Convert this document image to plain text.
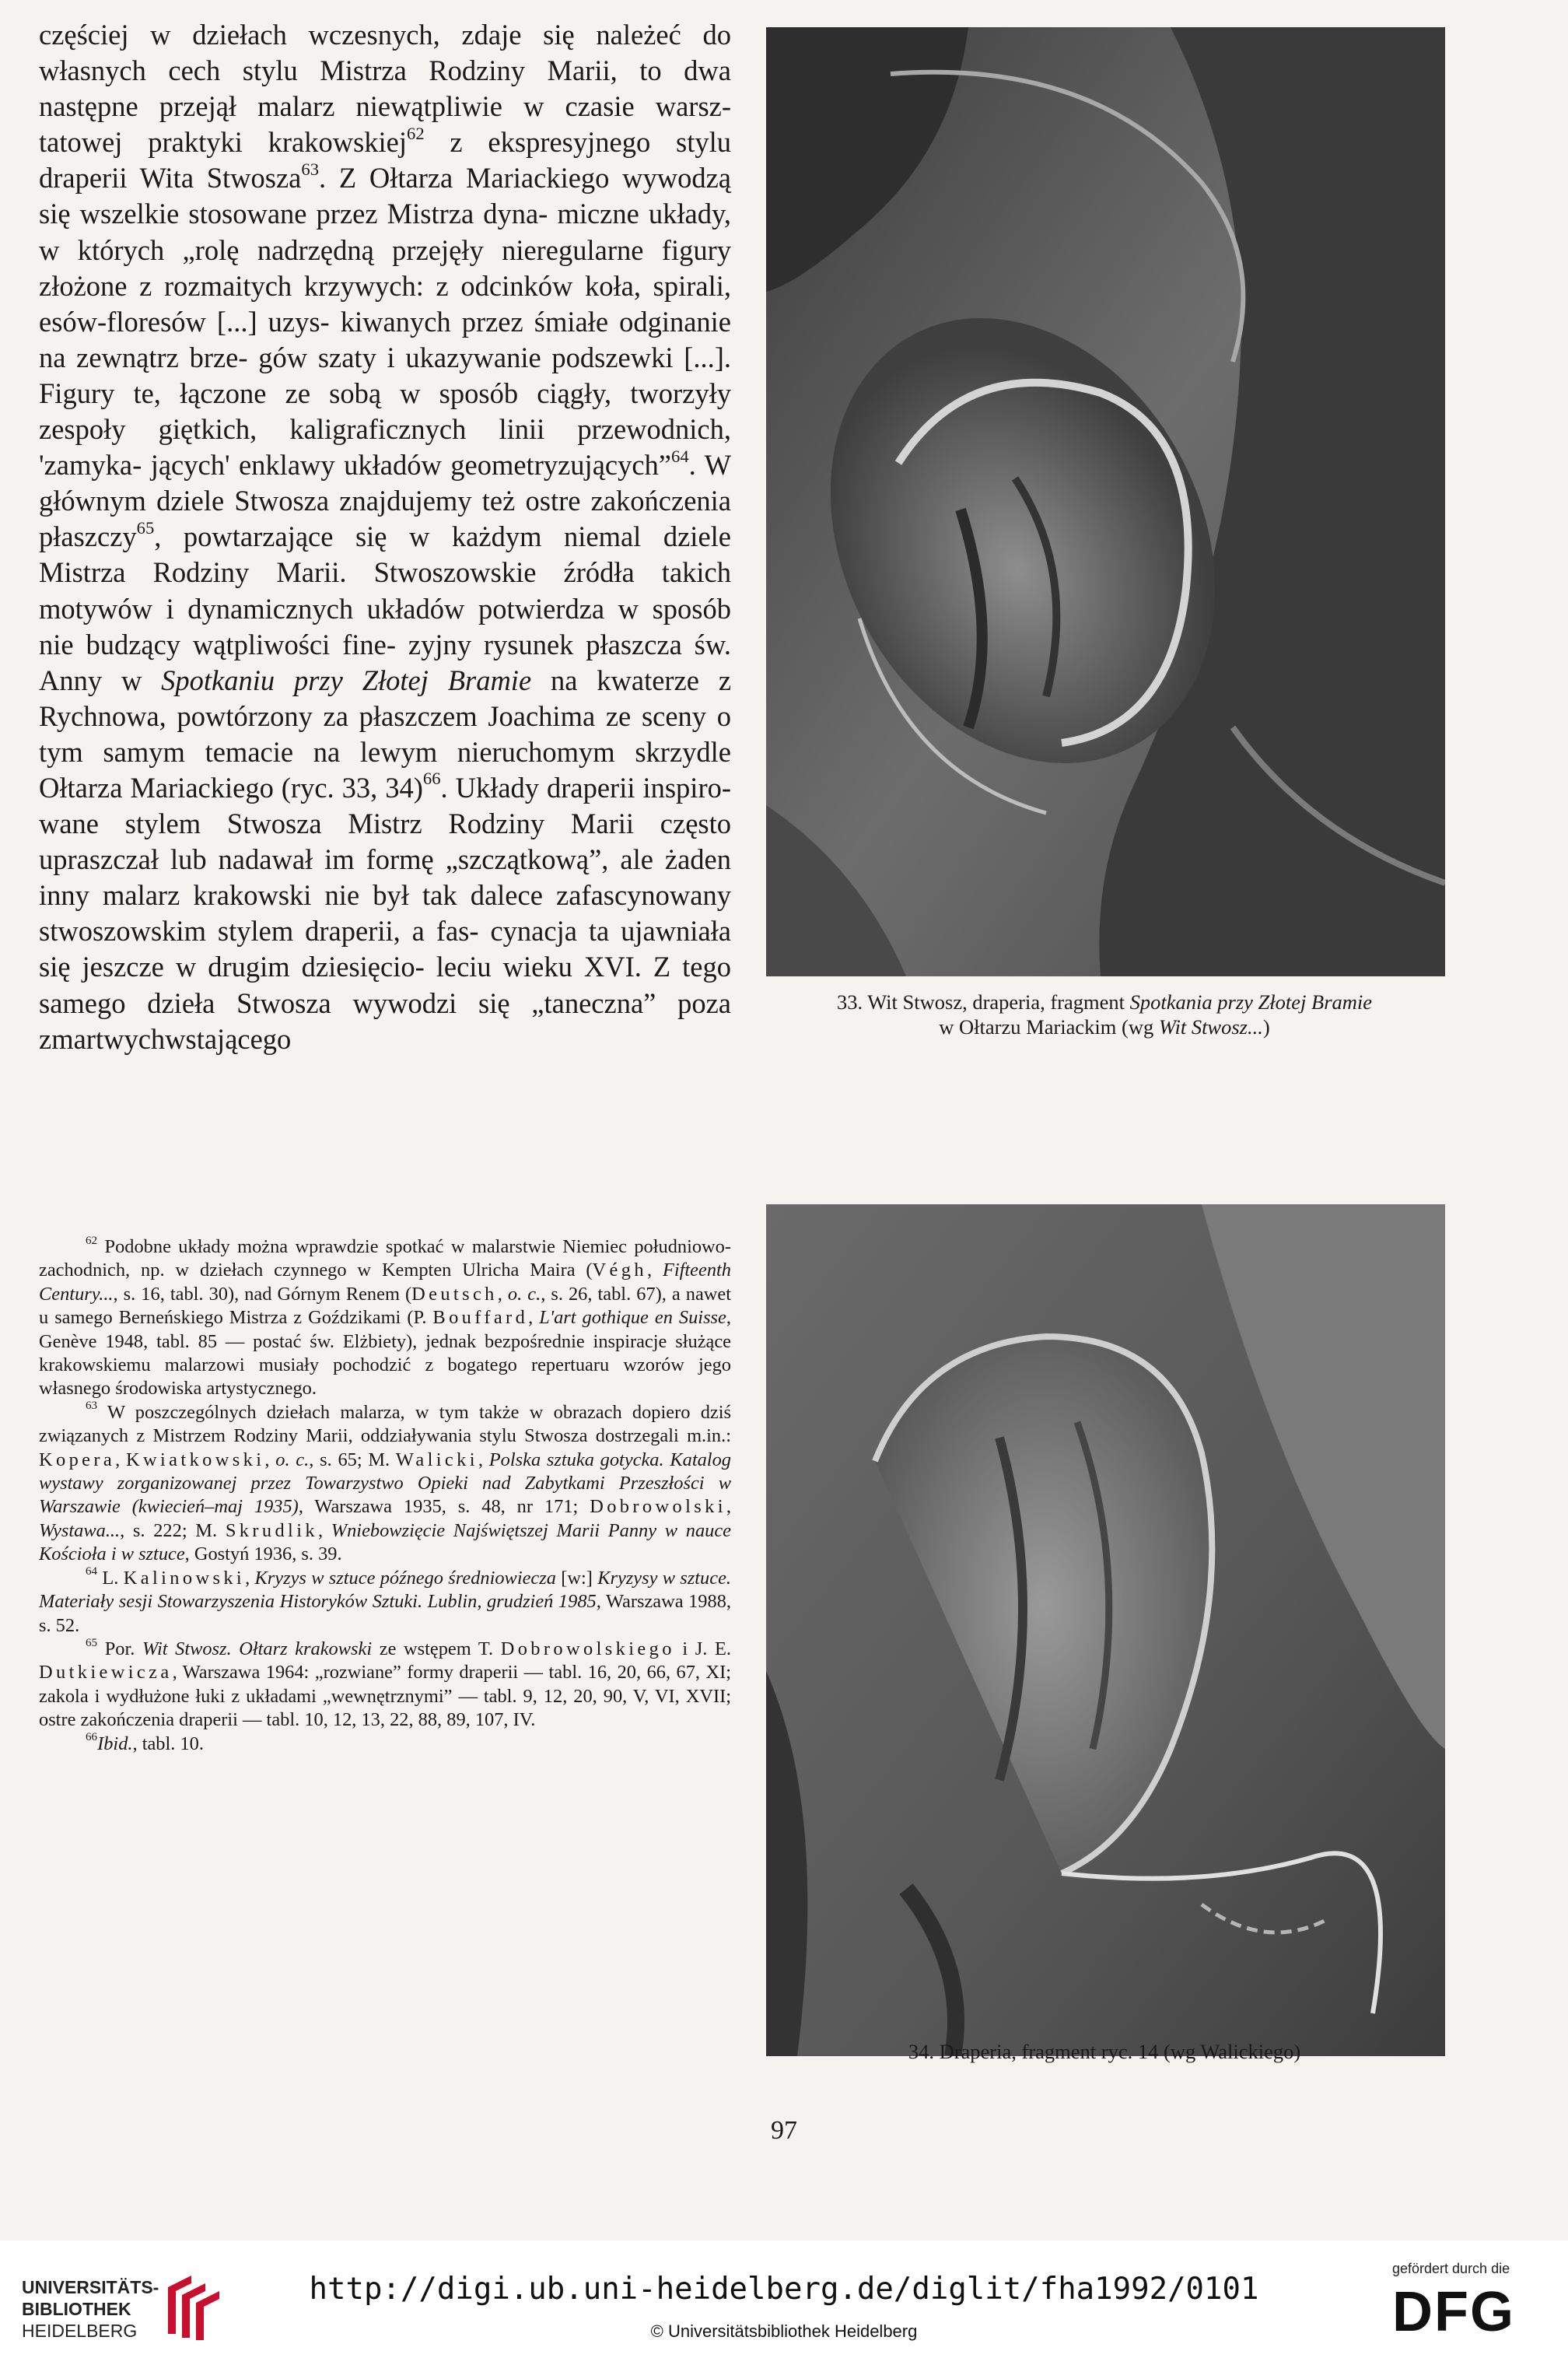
częściej w dziełach wczesnych, zdaje się należeć do własnych cech stylu Mistrza Rodziny Marii, to dwa następne przejął malarz niewątpliwie w czasie warsz- tatowej praktyki krakowskiej$^{62}$ z ekspresyjnego stylu draperii Wita Stwosza$^{63}$. Z Ołtarza Mariackiego wywodzą się wszelkie stosowane przez Mistrza dyna- miczne układy, w których „rolę nadrzędną przejęły nieregularne figury złożone z rozmaitych krzywych: z odcinków koła, spirali, esów-floresów [...] uzys- kiwanych przez śmiałe odginanie na zewnątrz brze- gów szaty i ukazywanie podszewki [...]. Figury te, łączone ze sobą w sposób ciągły, tworzyły zespoły giętkich, kaligraficznych linii przewodnich, 'zamyka- jących' enklawy układów geometryzujących”$^{64}$. W głównym dziele Stwosza znajdujemy też ostre zakończenia płaszczy$^{65}$, powtarzające się w każdym niemal dziele Mistrza Rodziny Marii. Stwoszowskie źródła takich motywów i dynamicznych układów potwierdza w sposób nie budzący wątpliwości fine- zyjny rysunek płaszcza św. Anny w Spotkaniu przy Złotej Bramie na kwaterze z Rychnowa, powtórzony za płaszczem Joachima ze sceny o tym samym temacie na lewym nieruchomym skrzydle Ołtarza Mariackiego (ryc. 33, 34)$^{66}$. Układy draperii inspiro- wane stylem Stwosza Mistrz Rodziny Marii często upraszczał lub nadawał im formę „szczątkową”, ale żaden inny malarz krakowski nie był tak dalece zafascynowany stwoszowskim stylem draperii, a fas- cynacja ta ujawniała się jeszcze w drugim dziesięcio- leciu wieku XVI. Z tego samego dzieła Stwosza wywodzi się „taneczna” poza zmartwychwstającego

$^{62}$ Podobne układy można wprawdzie spotkać w malarstwie Niemiec południowo-zachodnich, np. w dziełach czynnego w Kempten Ulricha Maira (Végh, Fifteenth Century..., s. 16, tabl. 30), nad Górnym Renem (Deutsch, o. c., s. 26, tabl. 67), a nawet u samego Berneńskiego Mistrza z Goździkami (P. Bouffard, L'art gothique en Suisse, Genève 1948, tabl. 85 — postać św. Elżbiety), jednak bezpośrednie inspiracje służące krakowskiemu malarzowi musiały pochodzić z bogatego repertuaru wzorów jego własnego środowiska artystycznego.

$^{63}$ W poszczególnych dziełach malarza, w tym także w obrazach dopiero dziś związanych z Mistrzem Rodziny Marii, oddziaływania stylu Stwosza dostrzegali m.in.: Kopera, Kwiatkowski, o. c., s. 65; M. Walicki, Polska sztuka gotycka. Katalog wystawy zorganizowanej przez Towarzystwo Opieki nad Zabytkami Przeszłości w Warszawie (kwiecień–maj 1935), Warszawa 1935, s. 48, nr 171; Dobrowolski, Wystawa..., s. 222; M. Skrudlik, Wniebowzięcie Najświętszej Marii Panny w nauce Kościoła i w sztuce, Gostyń 1936, s. 39.

$^{64}$ L. Kalinowski, Kryzys w sztuce późnego średniowiecza [w:] Kryzysy w sztuce. Materiały sesji Stowarzyszenia Historyków Sztuki. Lublin, grudzień 1985, Warszawa 1988, s. 52.

$^{65}$ Por. Wit Stwosz. Ołtarz krakowski ze wstępem T. Dobrowolskiego i J. E. Dutkiewicza, Warszawa 1964: „rozwiane” formy draperii — tabl. 16, 20, 66, 67, XI; zakola i wydłużone łuki z układami „wewnętrznymi” — tabl. 9, 12, 20, 90, V, VI, XVII; ostre zakończenia draperii — tabl. 10, 12, 13, 22, 88, 89, 107, IV.

$^{66}$Ibid., tabl. 10.

33. Wit Stwosz, draperia, fragment Spotkania przy Złotej Bramie
w Ołtarzu Mariackim (wg Wit Stwosz...)
34. Draperia, fragment ryc. 14 (wg Walickiego)
97
UNIVERSITÄTS-
BIBLIOTHEK
HEIDELBERG
http://digi.ub.uni-heidelberg.de/diglit/fha1992/0101
© Universitätsbibliothek Heidelberg
gefördert durch die
DFG
